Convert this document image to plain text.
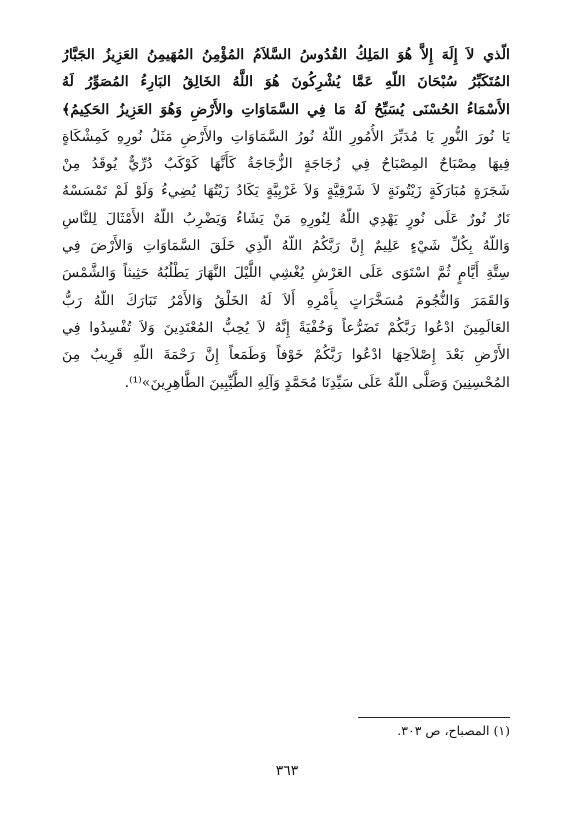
الّذي لاَ إِلَهَ إِلاَّ هُوَ المَلِكُ القُدُوسُ السَّلاَمُ المُؤْمِنُ المُهَيمِنُ العَزِيزُ الجَبَّارُ
المُتَكَبِّرُ سُبْحَانَ اللّهِ عَمَّا يُشْرِكُونَ هُوَ اللَّهُ الخَالِقُ البَارِءُ المُصَوِّرُ لَهُ
الأَسْمَاءُ الحُسْنَى يُسَبِّحُ لَهُ مَا فِي السَّمَاوَاتِ والأَرْضِ وَهُوَ العَزِيزُ الحَكِيمُ﴾
يَا نُورَ النُّورِ يَا مُدَبِّرَ الأُمُورِ اللّهُ نُورُ السَّمَاوَاتِ والأَرْضِ مَثَلُ نُورِهِ كَمِشْكَاةٍ
فِيهَا مِصْبَاحٌ المِصْبَاحُ فِي زُجَاجَةٍ الزُّجَاجَةُ كَأَنَّهَا كَوْكَبٌ دُرِّيٌّ يُوقَدُ مِنْ
شَجَرَةٍ مُبَارَكَةٍ زَيْتُونَةٍ لاَ شَرْقِيَّةٍ وَلاَ غَرْبِيَّةٍ يَكَادُ زَيْتُهَا يُضِيءُ وَلَوْ لَمْ تَمْسَسْهُ
نَارٌ نُورٌ عَلَى نُورٍ يَهْدِي اللّهُ لِنُورِهِ مَنْ يَشَاءُ وَيَضْرِبُ اللّهُ الأَمْثَالَ لِلنَّاسِ
وَاللّهُ بِكُلِّ شَيْءٍ عَلِيمٌ إِنَّ رَبَّكُمُ اللّهُ الّذِي خَلَقَ السَّمَاوَاتِ وَالأَرْضَ فِي
سِتَّةِ أَيَّامٍ ثُمَّ اسْتَوَى عَلَى العَرْشِ يُغْشِي اللَّيْلَ النَّهَارَ يَطْلُبُهُ حَثِيثاً وَالشَّمْسَ
وَالقَمَرَ وَالنُّجُومَ مُسَخَّرَاتٍ بِأَمْرِهِ أَلاَ لَهُ الخَلْقُ وَالأَمْرُ تَبَارَكَ اللّهُ رَبُّ
العَالَمِينَ ادْعُوا رَبَّكُمْ تَضَرُّعاً وَخُفْيَةً إِنَّهُ لاَ يُحِبُّ المُعْتَدِينَ وَلاَ تُفْسِدُوا فِي
الأَرْضِ بَعْدَ إِصْلاَحِهَا ادْعُوا رَبَّكُمْ خَوْفاً وَطَمَعاً إِنَّ رَحْمَةَ اللّهِ قَرِيبٌ مِنَ
المُحْسِنِينَ وَصَلَّى اللّهُ عَلَى سَيِّدِنَا مُحَمَّدٍ وَآلِهِ الطَّيِّبِينَ الطَّاهِرِينَ»⁽¹⁾.
(١) المصباح، ص ٣٠٣.
٣٦٣
